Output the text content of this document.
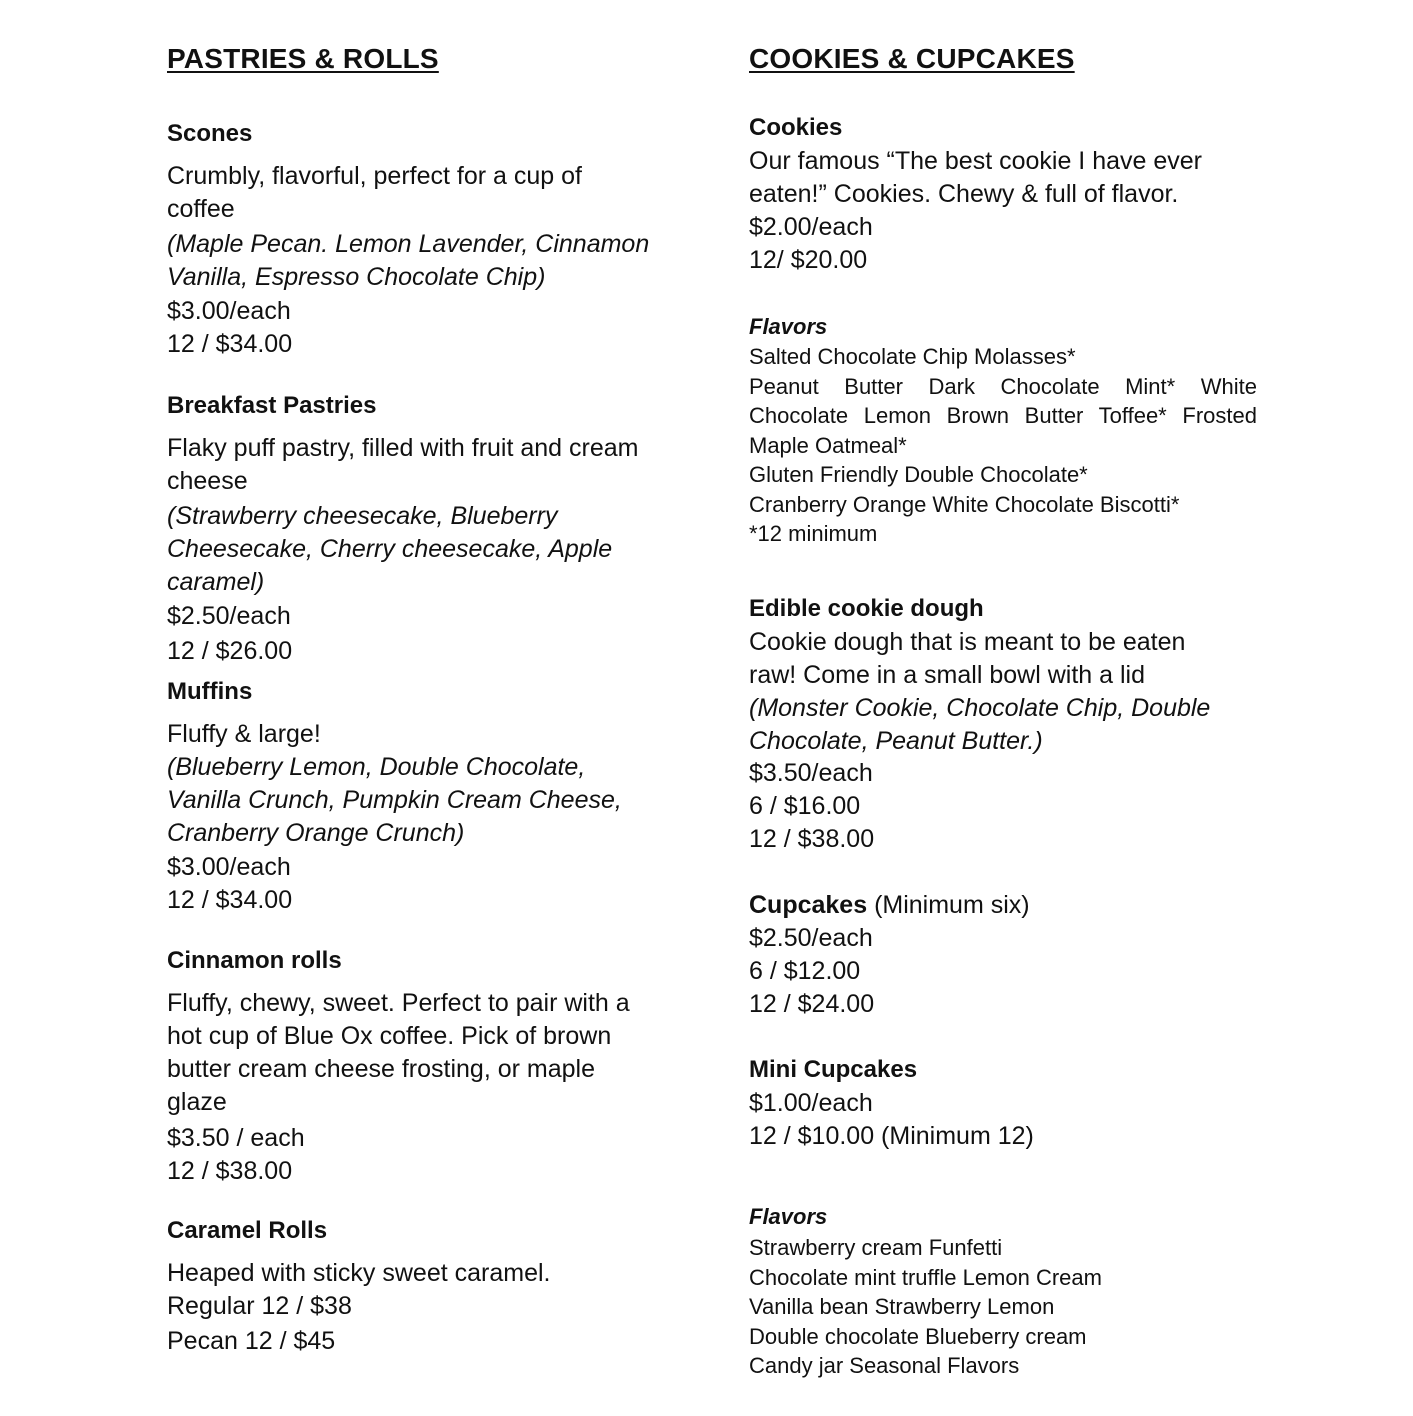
PASTRIES & ROLLS
Scones
Crumbly, flavorful, perfect for a cup of
coffee
(Maple Pecan. Lemon Lavender, Cinnamon
Vanilla, Espresso Chocolate Chip)
$3.00/each
12 / $34.00
Breakfast Pastries
Flaky puff pastry, filled with fruit and cream
cheese
(Strawberry cheesecake, Blueberry
Cheesecake, Cherry cheesecake, Apple
caramel)
$2.50/each
12 / $26.00
Muffins
Fluffy & large!
(Blueberry Lemon, Double Chocolate,
Vanilla Crunch, Pumpkin Cream Cheese,
Cranberry Orange Crunch)
$3.00/each
12 / $34.00
Cinnamon rolls
Fluffy, chewy, sweet. Perfect to pair with a
hot cup of Blue Ox coffee. Pick of brown
butter cream cheese frosting, or maple
glaze
$3.50 / each
12 / $38.00
Caramel Rolls
Heaped with sticky sweet caramel.
Regular 12 / $38
Pecan 12 / $45
COOKIES & CUPCAKES
Cookies
Our famous “The best cookie I have ever
eaten!” Cookies. Chewy & full of flavor.
$2.00/each
12/ $20.00
Flavors
Salted Chocolate Chip Molasses*
Peanut Butter Dark Chocolate Mint* White Chocolate Lemon Brown Butter Toffee* Frosted Maple Oatmeal*
Gluten Friendly Double Chocolate*
Cranberry Orange White Chocolate Biscotti*
*12 minimum
Edible cookie dough
Cookie dough that is meant to be eaten
raw! Come in a small bowl with a lid
(Monster Cookie, Chocolate Chip, Double
Chocolate, Peanut Butter.)
$3.50/each
6 / $16.00
12 / $38.00
Cupcakes (Minimum six)
$2.50/each
6 / $12.00
12 / $24.00
Mini Cupcakes
$1.00/each
12 / $10.00 (Minimum 12)
Flavors
Strawberry cream Funfetti
Chocolate mint truffle Lemon Cream
Vanilla bean Strawberry Lemon
Double chocolate Blueberry cream
Candy jar Seasonal Flavors
